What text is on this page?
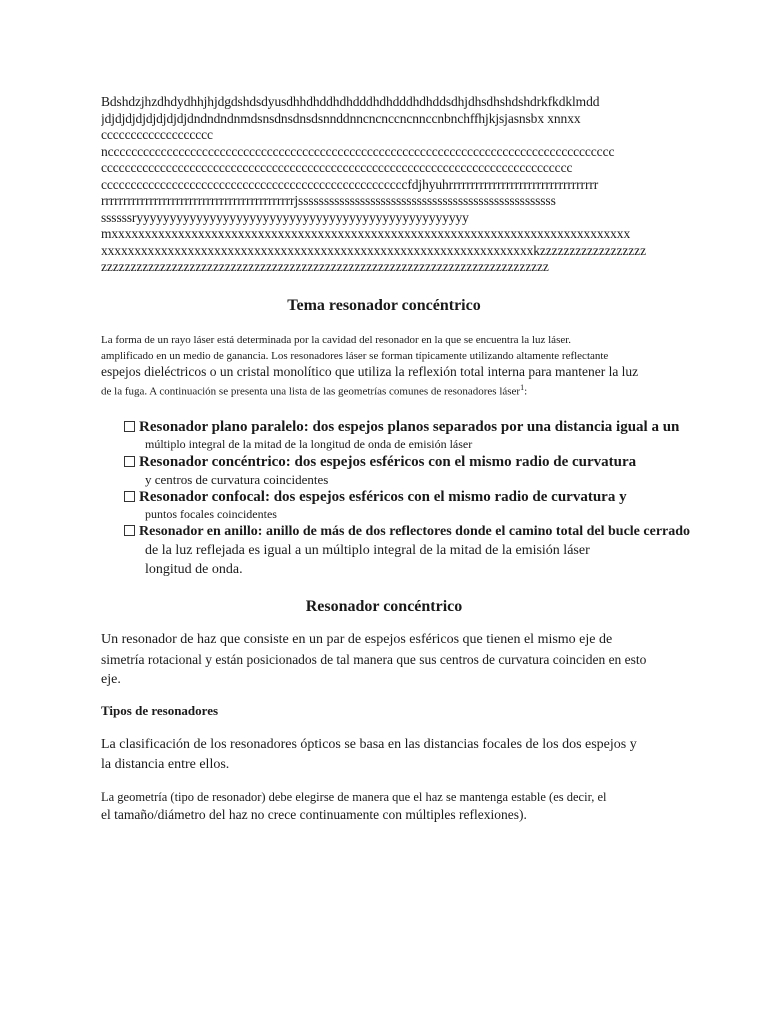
Bdshdzjhzdhdydhhjhjdgdshdsdyusdhhdhddhdhdddhdhdddhdhddsdhjdhsdhshdshdrkfkdklmdd
jdjdjdjdjdjdjdjdjdndndndnmdsnsdnsdnsdsnnddnncncnccncnnccnbnchffhjkjsjasnsbx xnnxx
ccccccccccccccccccc
ncccccccccccccccccccccccccccccccccccccccccccccccccccccccccccccccccccccccccccccccccccccc
cccccccccccccccccccccccccccccccccccccccccccccccccccccccccccccccccccccccccccccccc
ccccccccccccccccccccccccccccccccccccccccccccccccccccfdjhyuhrrrrrrrrrrrrrrrrrrrrrrrrrrrrrrrrrr
rrrrrrrrrrrrrrrrrrrrrrrrrrrrrrrrrrrrrrrrrrrrjssssssssssssssssssssssssssssssssssssssssssssssssss
ssssssryyyyyyyyyyyyyyyyyyyyyyyyyyyyyyyyyyyyyyyyyyyyyyyyyy
mxxxxxxxxxxxxxxxxxxxxxxxxxxxxxxxxxxxxxxxxxxxxxxxxxxxxxxxxxxxxxxxxxxxxxxxxxxxxxx
xxxxxxxxxxxxxxxxxxxxxxxxxxxxxxxxxxxxxxxxxxxxxxxxxxxxxxxxxxxxxxxxxkzzzzzzzzzzzzzzzzzz
zzzzzzzzzzzzzzzzzzzzzzzzzzzzzzzzzzzzzzzzzzzzzzzzzzzzzzzzzzzzzzzzzzzzzzzzzzzz
Tema resonador concéntrico
La forma de un rayo láser está determinada por la cavidad del resonador en la que se encuentra la luz láser.
amplificado en un medio de ganancia. Los resonadores láser se forman típicamente utilizando altamente reflectante
espejos dieléctricos o un cristal monolítico que utiliza la reflexión total interna para mantener la luz
de la fuga. A continuación se presenta una lista de las geometrías comunes de resonadores láser$^1$:
Resonador plano paralelo: dos espejos planos separados por una distancia igual a un
múltiplo integral de la mitad de la longitud de onda de emisión láser
Resonador concéntrico: dos espejos esféricos con el mismo radio de curvatura
y centros de curvatura coincidentes
Resonador confocal: dos espejos esféricos con el mismo radio de curvatura y
puntos focales coincidentes
Resonador en anillo: anillo de más de dos reflectores donde el camino total del bucle cerrado
de la luz reflejada es igual a un múltiplo integral de la mitad de la emisión láser
longitud de onda.
Resonador concéntrico
Un resonador de haz que consiste en un par de espejos esféricos que tienen el mismo eje de
simetría rotacional y están posicionados de tal manera que sus centros de curvatura coinciden en esto
eje.
Tipos de resonadores
La clasificación de los resonadores ópticos se basa en las distancias focales de los dos espejos y
la distancia entre ellos.
La geometría (tipo de resonador) debe elegirse de manera que el haz se mantenga estable (es decir, el
el tamaño/diámetro del haz no crece continuamente con múltiples reflexiones).
